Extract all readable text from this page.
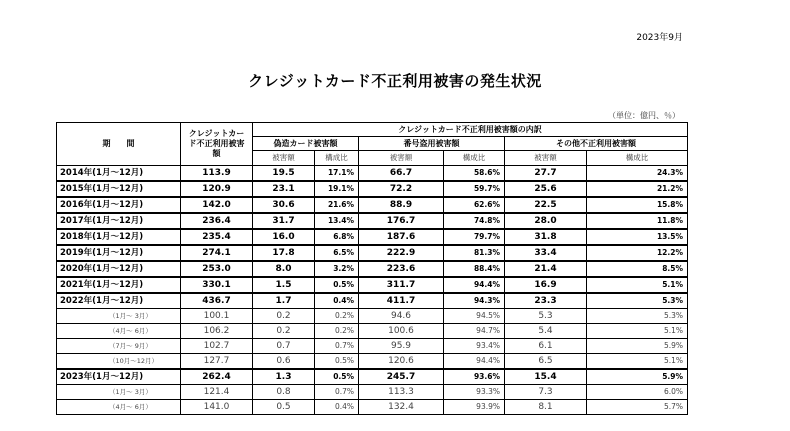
2023年9月
クレジットカード不正利用被害の発生状況
（単位：億円、％）
期　　間	クレジットカード不正利用被害額	クレジットカード不正利用被害額の内訳					
		偽造カード被害額		番号盗用被害額		その他不正利用被害額	
		被害額	構成比	被害額	構成比	被害額	構成比
2014年(1月～12月)	113.9	19.5	17.1%	66.7	58.6%	27.7	24.3%
2015年(1月～12月)	120.9	23.1	19.1%	72.2	59.7%	25.6	21.2%
2016年(1月～12月)	142.0	30.6	21.6%	88.9	62.6%	22.5	15.8%
2017年(1月～12月)	236.4	31.7	13.4%	176.7	74.8%	28.0	11.8%
2018年(1月～12月)	235.4	16.0	6.8%	187.6	79.7%	31.8	13.5%
2019年(1月～12月)	274.1	17.8	6.5%	222.9	81.3%	33.4	12.2%
2020年(1月～12月)	253.0	8.0	3.2%	223.6	88.4%	21.4	8.5%
2021年(1月～12月)	330.1	1.5	0.5%	311.7	94.4%	16.9	5.1%
2022年(1月～12月)	436.7	1.7	0.4%	411.7	94.3%	23.3	5.3%
（1月～ 3月）	100.1	0.2	0.2%	94.6	94.5%	5.3	5.3%
（4月～ 6月）	106.2	0.2	0.2%	100.6	94.7%	5.4	5.1%
（7月～ 9月）	102.7	0.7	0.7%	95.9	93.4%	6.1	5.9%
（10月～12月）	127.7	0.6	0.5%	120.6	94.4%	6.5	5.1%
2023年(1月～12月)	262.4	1.3	0.5%	245.7	93.6%	15.4	5.9%
（1月～ 3月）	121.4	0.8	0.7%	113.3	93.3%	7.3	6.0%
（4月～ 6月）	141.0	0.5	0.4%	132.4	93.9%	8.1	5.7%
